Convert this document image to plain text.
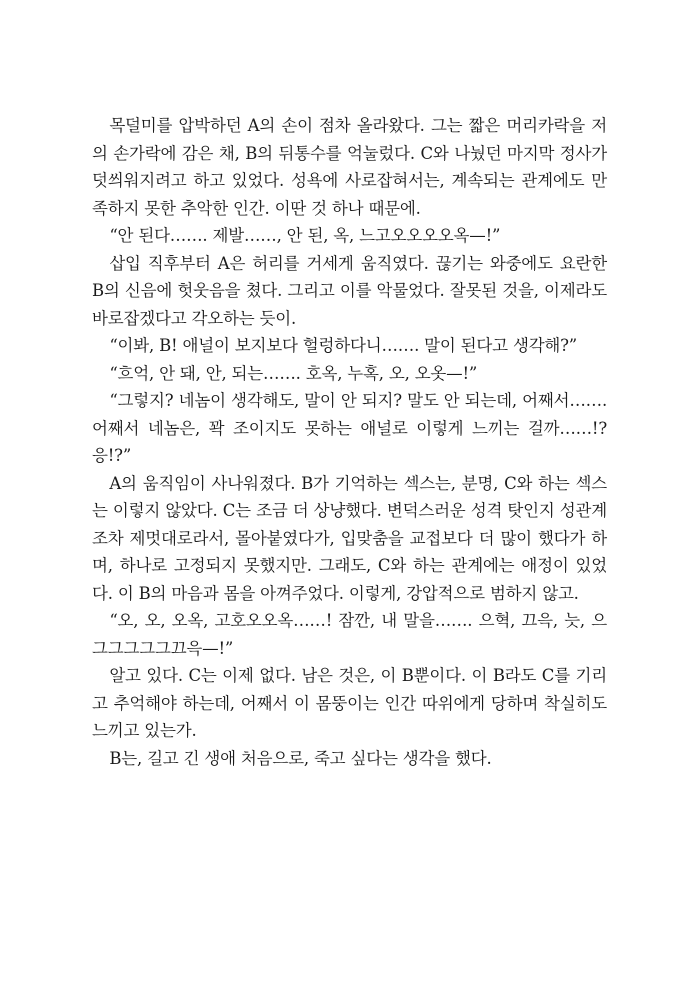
목덜미를 압박하던 A의 손이 점차 올라왔다. 그는 짧은 머리카락을 저의 손가락에 감은 채, B의 뒤통수를 억눌렀다. C와 나눴던 마지막 정사가 덧씌워지려고 하고 있었다. 성욕에 사로잡혀서는, 계속되는 관계에도 만족하지 못한 추악한 인간. 이딴 것 하나 때문에.

“안 된다……. 제발……, 안 된, 옥, 느고오오오오옥—!”

삽입 직후부터 A은 허리를 거세게 움직였다. 끊기는 와중에도 요란한 B의 신음에 헛웃음을 쳤다. 그리고 이를 악물었다. 잘못된 것을, 이제라도 바로잡겠다고 각오하는 듯이.

“이봐, B! 애널이 보지보다 헐렁하다니……. 말이 된다고 생각해?”

“흐억, 안 돼, 안, 되는……. 호옥, 누혹, 오, 오옷—!”

“그렇지? 네놈이 생각해도, 말이 안 되지? 말도 안 되는데, 어째서……. 어째서 네놈은, 꽉 조이지도 못하는 애널로 이렇게 느끼는 걸까……!? 응!?”

A의 움직임이 사나워졌다. B가 기억하는 섹스는, 분명, C와 하는 섹스는 이렇지 않았다. C는 조금 더 상냥했다. 변덕스러운 성격 탓인지 성관계조차 제멋대로라서, 몰아붙였다가, 입맞춤을 교접보다 더 많이 했다가 하며, 하나로 고정되지 못했지만. 그래도, C와 하는 관계에는 애정이 있었다. 이 B의 마음과 몸을 아껴주었다. 이렇게, 강압적으로 범하지 않고.

“오, 오, 오옥, 고호오오옥……! 잠깐, 내 말을……. 으혁, 끄윽, 늣, 으그그그그그끄윽—!”

알고 있다. C는 이제 없다. 남은 것은, 이 B뿐이다. 이 B라도 C를 기리고 추억해야 하는데, 어째서 이 몸뚱이는 인간 따위에게 당하며 착실히도 느끼고 있는가.

B는, 길고 긴 생애 처음으로, 죽고 싶다는 생각을 했다.
